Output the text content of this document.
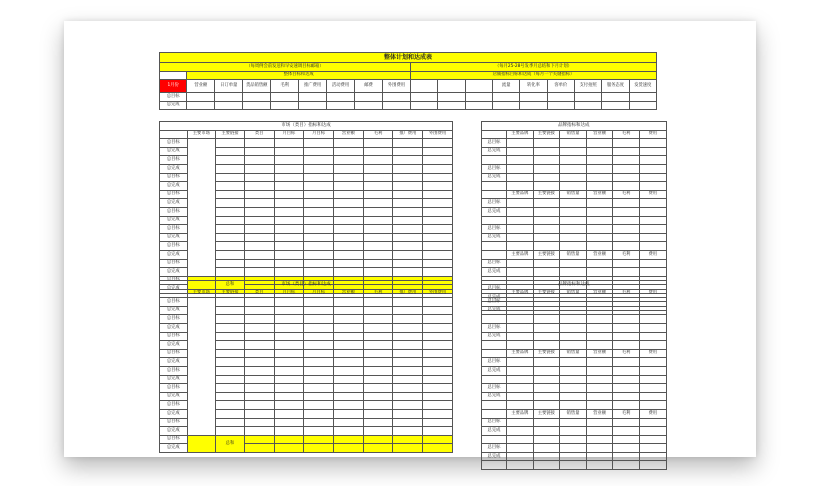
整体计划和达成表																	
（每周例会前发送和早安速调目标邮箱）									（每月25-28号发季月总结和下月计划）								
	整体目标和达成								店铺指标目标和达成（每月一个关键指标）								
1月份	营业额	日订单量	货品销售额	毛利	推广费用	活动费用	邮费	外围费用				流量	转化率	客单价	支付拍照	服务态度	发货速度
总目标																	
总完成																	
市场（类目）指标和达成									
	主要市场	主要链接	类目	月目标	月目标	营业额	毛利	推广费用	外围费用
总目标									
总完成									
总目标									
总完成									
总目标									
总完成									
总目标									
总完成									
总目标									
总完成									
总目标									
总完成									
总目标									
总完成									
总目标									
总完成									
总目标		总和							
总完成									
市场（类目）指标和达成									
	主要市场	主要链接	类目	月目标	月目标	营业额	毛利	推广费用	外围费用
总目标									
总完成									
总目标									
总完成									
总目标									
总完成									
总目标									
总完成									
总目标									
总完成									
总目标									
总完成									
总目标									
总完成									
总目标									
总完成									
总目标		总和							
总完成									
品牌指标和达成						
	主要品牌	主要链接	销售量	营业额	毛利	费用
总目标						
总完成						

总目标						
总完成						

	主要品牌	主要链接	销售量	营业额	毛利	费用
总目标						
总完成						

总目标						
总完成						

	主要品牌	主要链接	销售量	营业额	毛利	费用
总目标						
总完成						

总目标						
总完成						

品牌指标和达成						
	主要品牌	主要链接	销售量	营业额	毛利	费用
总目标						
总完成						

总目标						
总完成						

	主要品牌	主要链接	销售量	营业额	毛利	费用
总目标						
总完成						

总目标						
总完成						

	主要品牌	主要链接	销售量	营业额	毛利	费用
总目标						
总完成						

总目标						
总完成						
